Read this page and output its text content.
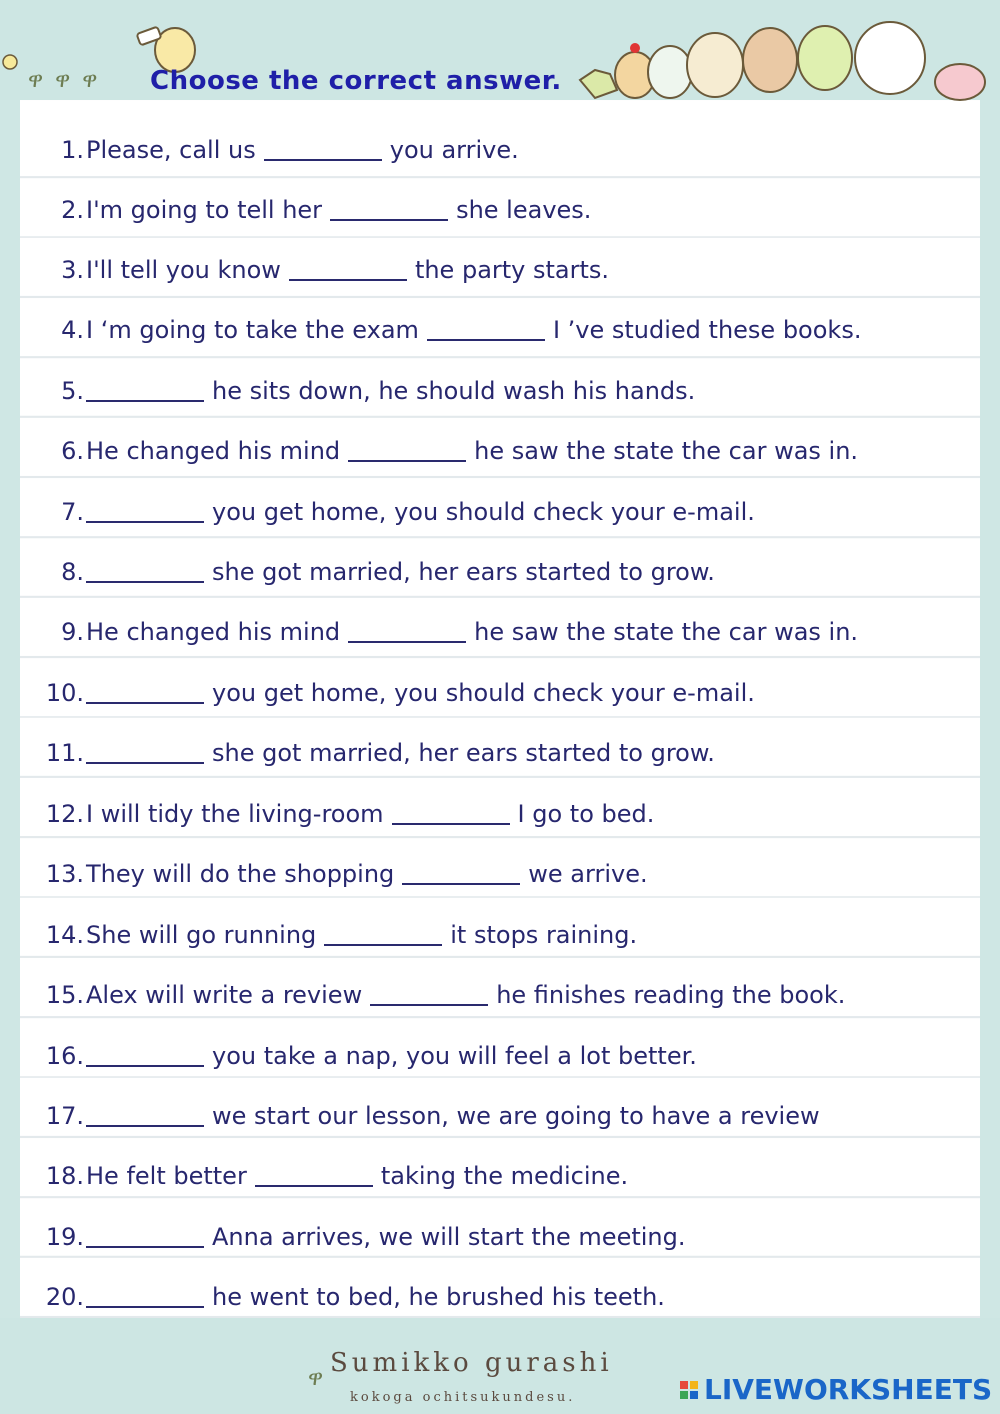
ዋ ዋ ዋ Choose the correct answer.
1. Please, call us	you arrive.
2. I'm going to tell her	she leaves.
3. I'll tell you know	the party starts.
4. I ‘m going to take the exam	I ’ve studied these books.
5.	he sits down, he should wash his hands.
6. He changed his mind	he saw the state the car was in.
7.	you get home, you should check your e-mail.
8.	she got married, her ears started to grow.
9. He changed his mind	he saw the state the car was in.
10.	you get home, you should check your e-mail.
11.	she got married, her ears started to grow.
12. I will tidy the living-room	I go to bed.
13. They will do the shopping	we arrive.
14. She will go running	it stops raining.
15. Alex will write a review	he finishes reading the book.
16.	you take a nap, you will feel a lot better.
17.	we start our lesson, we are going to have a review
18. He felt better	taking the medicine.
19.	Anna arrives, we will start the meeting.
20.	he went to bed, he brushed his teeth.
ዋ
Sumikko gurashi
kokoga ochitsukundesu.	LIVEWORKSHEETS
